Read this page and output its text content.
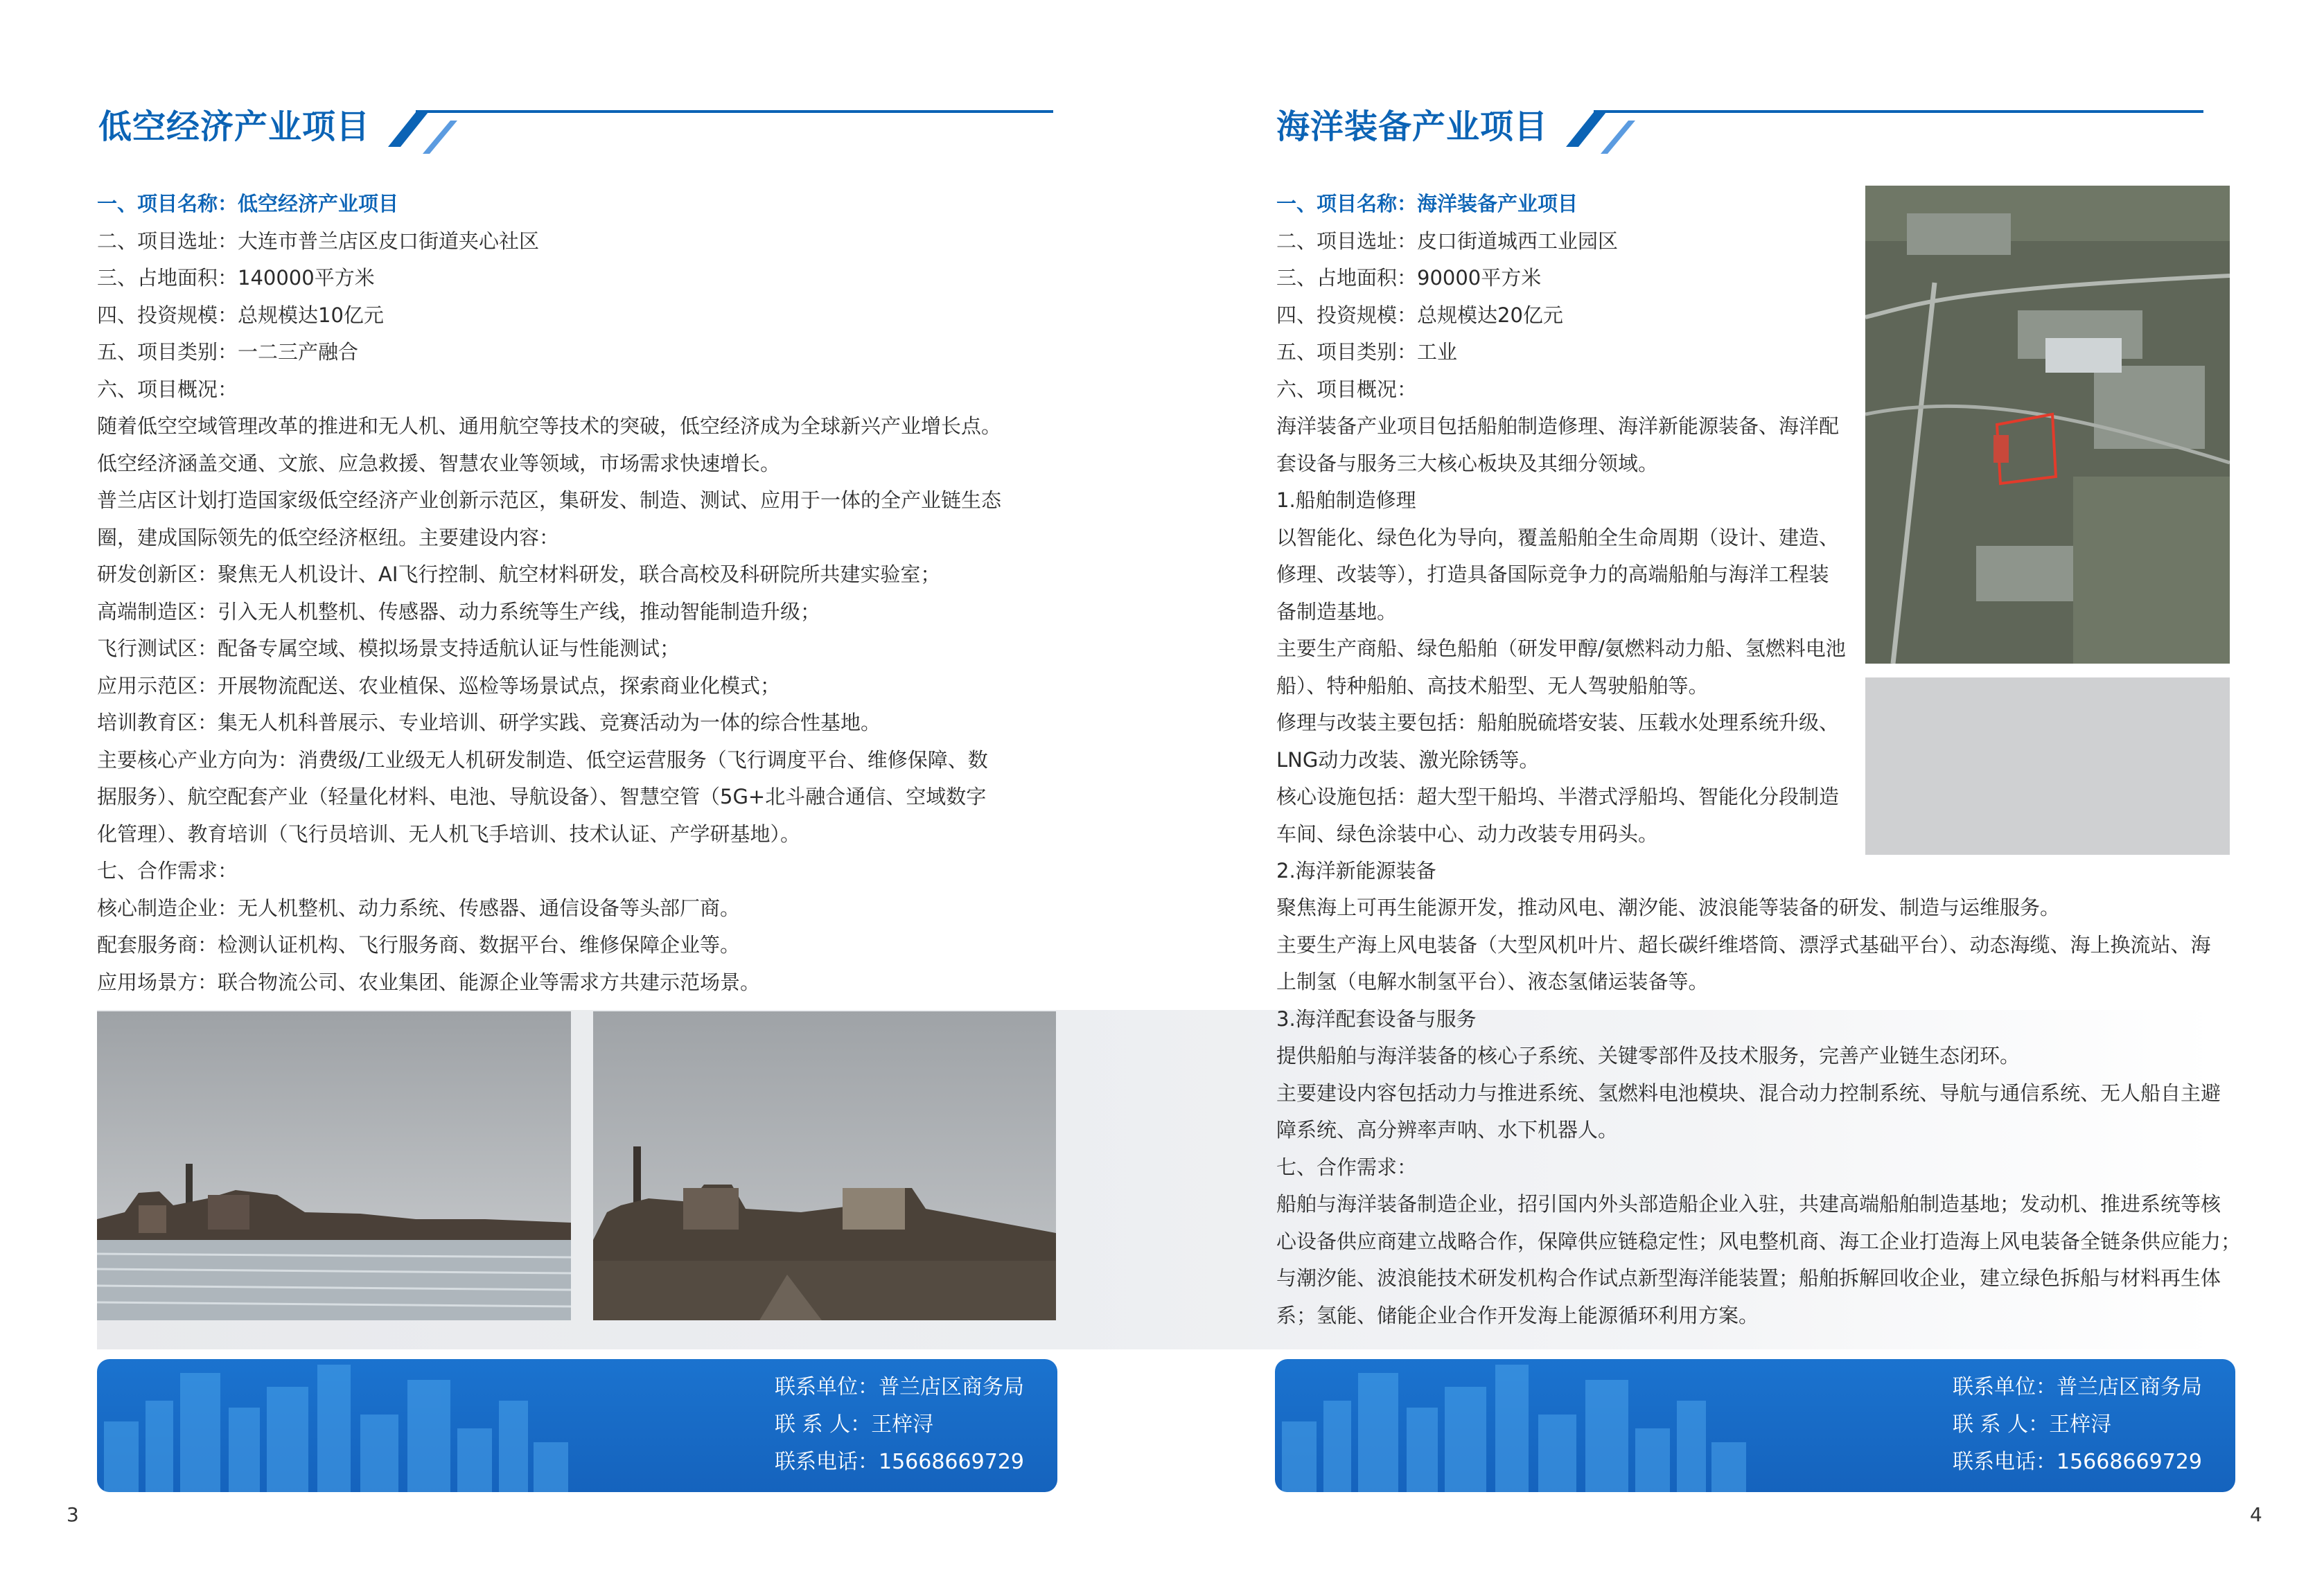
低空经济产业项目
一、项目名称：低空经济产业项目
二、项目选址：大连市普兰店区皮口街道夹心社区
三、占地面积：140000平方米
四、投资规模：总规模达10亿元
五、项目类别：一二三产融合
六、项目概况：
随着低空空域管理改革的推进和无人机、通用航空等技术的突破，低空经济成为全球新兴产业增长点。
低空经济涵盖交通、文旅、应急救援、智慧农业等领域，市场需求快速增长。
普兰店区计划打造国家级低空经济产业创新示范区，集研发、制造、测试、应用于一体的全产业链生态
圈，建成国际领先的低空经济枢纽。主要建设内容：
研发创新区：聚焦无人机设计、AI飞行控制、航空材料研发，联合高校及科研院所共建实验室；
高端制造区：引入无人机整机、传感器、动力系统等生产线，推动智能制造升级；
飞行测试区：配备专属空域、模拟场景支持适航认证与性能测试；
应用示范区：开展物流配送、农业植保、巡检等场景试点，探索商业化模式；
培训教育区：集无人机科普展示、专业培训、研学实践、竞赛活动为一体的综合性基地。
主要核心产业方向为：消费级/工业级无人机研发制造、低空运营服务（飞行调度平台、维修保障、数
据服务）、航空配套产业（轻量化材料、电池、导航设备）、智慧空管（5G+北斗融合通信、空域数字
化管理）、教育培训（飞行员培训、无人机飞手培训、技术认证、产学研基地）。
七、合作需求：
核心制造企业：无人机整机、动力系统、传感器、通信设备等头部厂商。
配套服务商：检测认证机构、飞行服务商、数据平台、维修保障企业等。
应用场景方：联合物流公司、农业集团、能源企业等需求方共建示范场景。
联系单位：普兰店区商务局
联 系 人：王梓浔
联系电话：15668669729
3
海洋装备产业项目
一、项目名称：海洋装备产业项目
二、项目选址：皮口街道城西工业园区
三、占地面积：90000平方米
四、投资规模：总规模达20亿元
五、项目类别：工业
六、项目概况：
海洋装备产业项目包括船舶制造修理、海洋新能源装备、海洋配
套设备与服务三大核心板块及其细分领域。
1.船舶制造修理
以智能化、绿色化为导向，覆盖船舶全生命周期（设计、建造、
修理、改装等），打造具备国际竞争力的高端船舶与海洋工程装
备制造基地。
主要生产商船、绿色船舶（研发甲醇/氨燃料动力船、氢燃料电池
船）、特种船舶、高技术船型、无人驾驶船舶等。
修理与改装主要包括：船舶脱硫塔安装、压载水处理系统升级、
LNG动力改装、激光除锈等。
核心设施包括：超大型干船坞、半潜式浮船坞、智能化分段制造
车间、绿色涂装中心、动力改装专用码头。
2.海洋新能源装备
聚焦海上可再生能源开发，推动风电、潮汐能、波浪能等装备的研发、制造与运维服务。
主要生产海上风电装备（大型风机叶片、超长碳纤维塔筒、漂浮式基础平台）、动态海缆、海上换流站、海
上制氢（电解水制氢平台）、液态氢储运装备等。
3.海洋配套设备与服务
提供船舶与海洋装备的核心子系统、关键零部件及技术服务，完善产业链生态闭环。
主要建设内容包括动力与推进系统、氢燃料电池模块、混合动力控制系统、导航与通信系统、无人船自主避
障系统、高分辨率声呐、水下机器人。
七、合作需求：
船舶与海洋装备制造企业，招引国内外头部造船企业入驻，共建高端船舶制造基地；发动机、推进系统等核
心设备供应商建立战略合作，保障供应链稳定性；风电整机商、海工企业打造海上风电装备全链条供应能力；
与潮汐能、波浪能技术研发机构合作试点新型海洋能装置；船舶拆解回收企业，建立绿色拆船与材料再生体
系；氢能、储能企业合作开发海上能源循环利用方案。
联系单位：普兰店区商务局
联 系 人：王梓浔
联系电话：15668669729
4
